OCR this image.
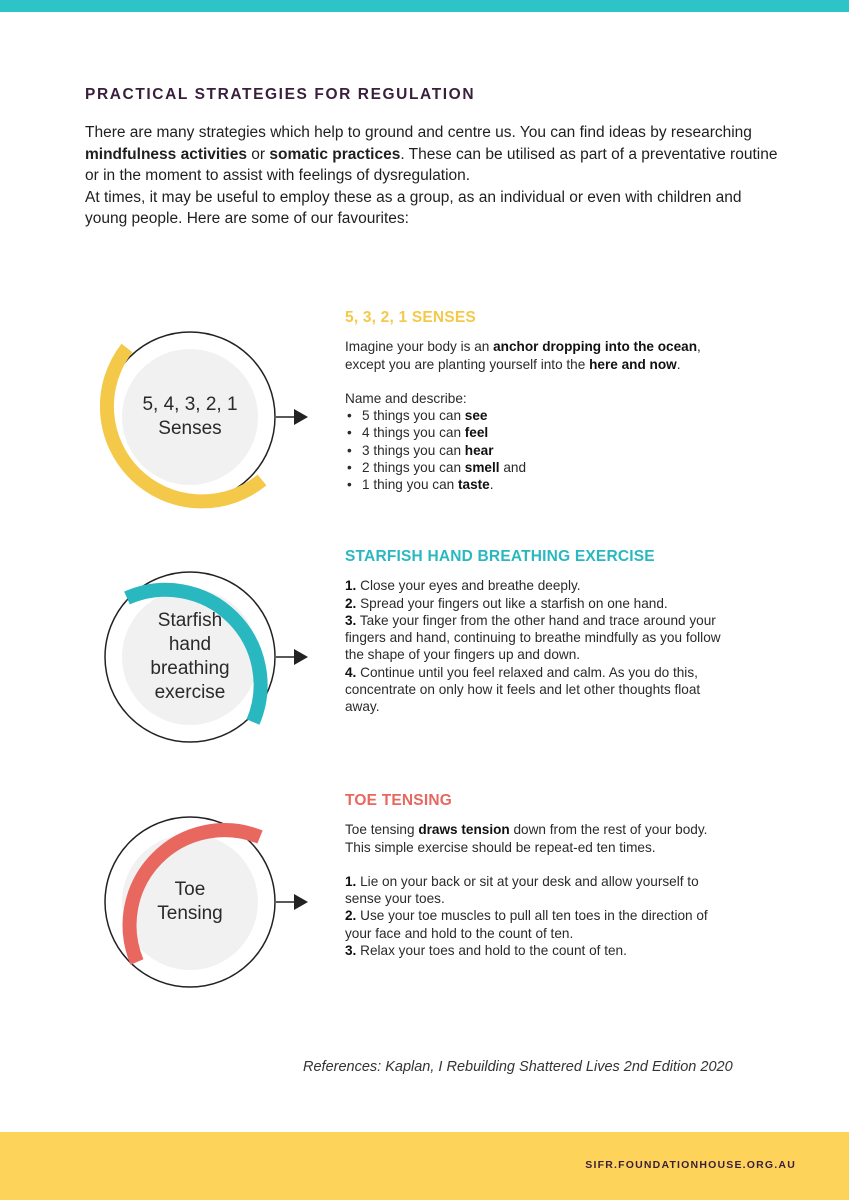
PRACTICAL STRATEGIES FOR REGULATION

There are many strategies which help to ground and centre us. You can find ideas by researching mindfulness activities or somatic practices. These can be utilised as part of a preventative routine or in the moment to assist with feelings of dysregulation.

At times, it may be useful to employ these as a group, as an individual or even with children and young people. Here are some of our favourites:

5, 4, 3, 2, 1
Senses
5, 3, 2, 1 SENSES

Imagine your body is an anchor dropping into the ocean, except you are planting yourself into the here and now.

Name and describe:

• 5 things you can see
• 4 things you can feel
• 3 things you can hear
• 2 things you can smell and
• 1 thing you can taste.
Starfish
hand
breathing
exercise
STARFISH HAND BREATHING EXERCISE

1. Close your eyes and breathe deeply.

2. Spread your fingers out like a starfish on one hand.

3. Take your finger from the other hand and trace around your fingers and hand, continuing to breathe mindfully as you follow the shape of your fingers up and down.

4. Continue until you feel relaxed and calm. As you do this, concentrate on only how it feels and let other thoughts float away.

Toe
Tensing
TOE TENSING

Toe tensing draws tension down from the rest of your body. This simple exercise should be repeat-ed ten times.

1. Lie on your back or sit at your desk and allow yourself to sense your toes.

2. Use your toe muscles to pull all ten toes in the direction of your face and hold to the count of ten.

3. Relax your toes and hold to the count of ten.

References: Kaplan, I Rebuilding Shattered Lives 2nd Edition 2020
SIFR.FOUNDATIONHOUSE.ORG.AU
